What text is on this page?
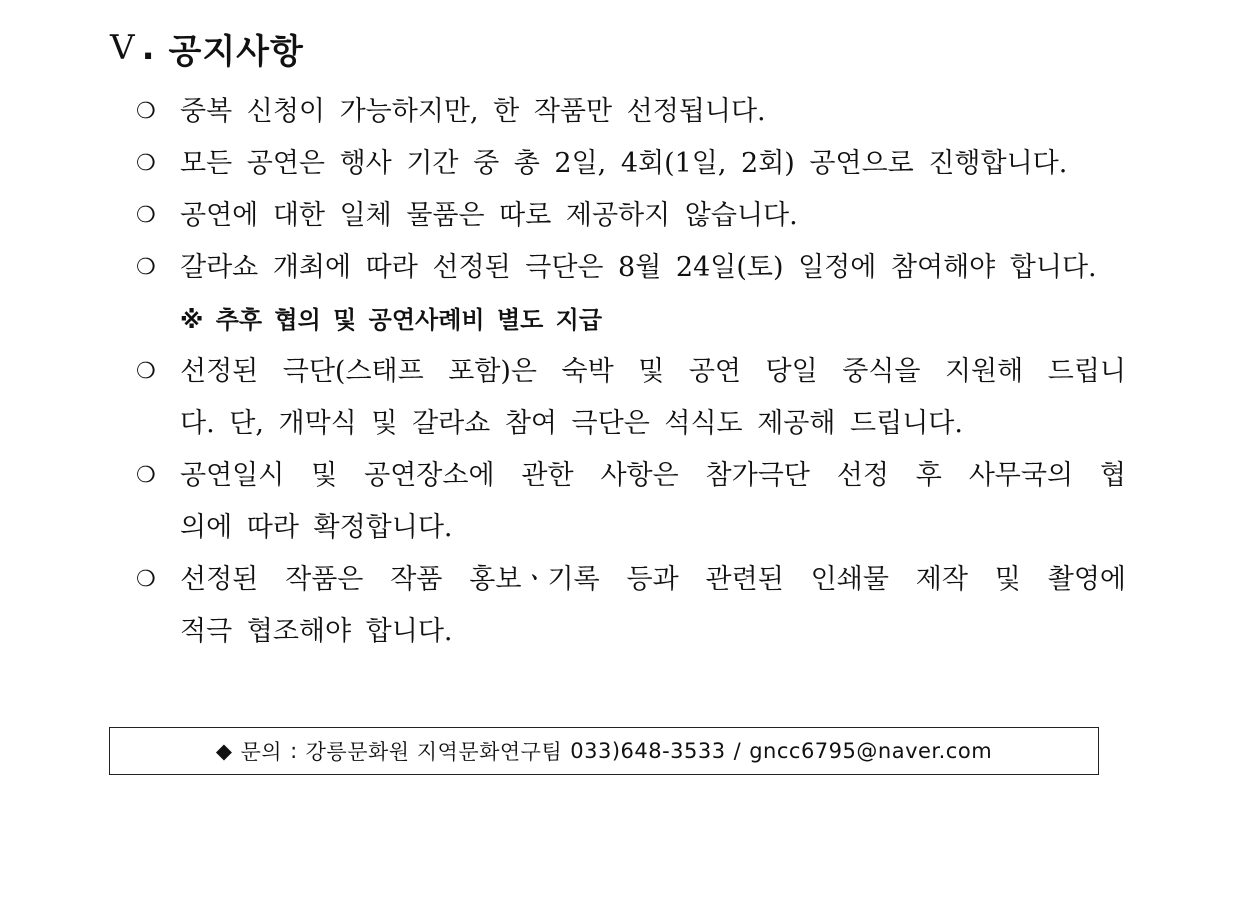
V . 공지사항
❍ 중복 신청이 가능하지만, 한 작품만 선정됩니다.
❍ 모든 공연은 행사 기간 중 총 2일, 4회(1일, 2회) 공연으로 진행합니다.
❍ 공연에 대한 일체 물품은 따로 제공하지 않습니다.
❍ 갈라쇼 개최에 따라 선정된 극단은 8월 24일(토) 일정에 참여해야 합니다.
※ 추후 협의 및 공연사례비 별도 지급
❍ 선정된 극단(스태프 포함)은 숙박 및 공연 당일 중식을 지원해 드립니
다. 단, 개막식 및 갈라쇼 참여 극단은 석식도 제공해 드립니다.
❍ 공연일시 및 공연장소에 관한 사항은 참가극단 선정 후 사무국의 협
의에 따라 확정합니다.
❍ 선정된 작품은 작품 홍보ㆍ기록 등과 관련된 인쇄물 제작 및 촬영에
적극 협조해야 합니다.
◆ 문의 : 강릉문화원 지역문화연구팀 033)648-3533 / gncc6795@naver.com
